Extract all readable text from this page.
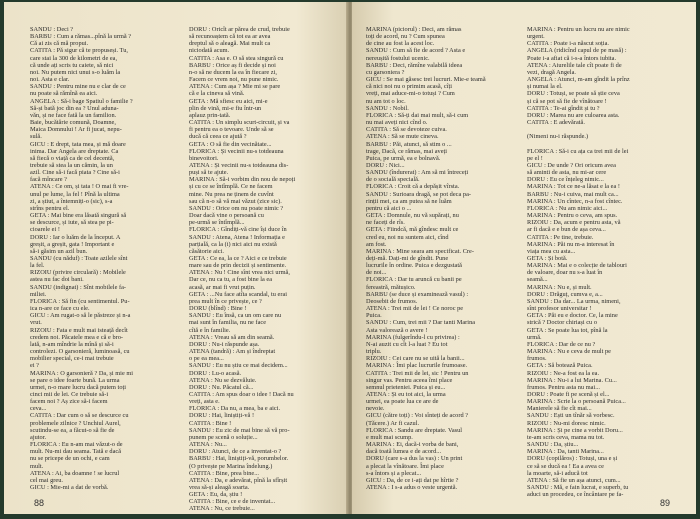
SANDU : Deci ?
BARBU : Cum a rămas...pînă la urmă ?
Că ai zis că mă propui.
CATITA : Pă sigur că te propuseși. Tu,
care stai la 300 de kilometri de ea,
că unde ați scris tu caiete, să nici
noi. Nu putem nici unui s-o luăm la
noi. Asta e clar.
SANDU : Pentru mine nu e clar de ce
nu poate să rămînă ea aici.
ANGELA : Să-i bage Spatiul o familie ?
Să-și bată joc din ea ? Unul aduna-
văn, și ne face fată la un familion.
Baie, bucătărie comună, Doamne,
Maica Domnului ! Ar fi jucat, nepu-
sulă.
GICU : E drept, tata mea, și mă doare
inima. Dar Angela are dreptate. Ca
să fiecă o viață ca de cel decentă,
trebuie să stea la un cămin, la un
azil. Cine să-i facă piata ? Cine să-i
facă mîncare ?
ATENA : Ce om, și tata ! O mai fi vre-
unul pe lume, la fel ! Pînă la ultima
zi, a știut, a întemniți-o (sic), s-a
strîns pentru el.
GETA : Mai bine era lăsată singură să
se descurce, și iute, să stea pe pi-
cioarele ei !
DORU : Iar o luăm de la început. A
greșit, a greșit, gata ! Important e
să-i găsim un azil bun.
SANDU (cu năduf) : Toate azilele sînt
la fel.
RIZOIU (privire circulară) : Mobilele
astea nu fac doi bani.
SANDU (indignat) : Sînt mobilele fa-
miliei.
FLORICA : Să fin (cu sentimentul. Pu-
ica n-are ce face cu ele.
GICU : Am rugat-o să le păstreze și n-a
vrut.
RIZOIU : Fata e mult mai isteață decît
credem noi. Păcatele mea e că e bro-
lată, n-am mîndrie la mînă și să-i
controlezi. O garsonieră, luminoasă, cu
mobilier special, ce-i mai trebuie
ei ?
MARINA : O garsonieră ? Da, și mie mi
se pare o idee foarte bună. La urma
urmei, n-o mare lucru dacă putem toți
cinci mii de lei. Ce trebuie să-i
facem noi ? Aș zice să-i facem
ceva...
CATITA : Dar cum o să se descurce cu
problemele zilnice ? Unchiul Aurel,
scutindu-se ea, a făcut-o să fie de
ajutor.
FLORICA : Eu n-am mai văzut-o de
mult. Nu-mi dau seama. Tată e dacă
nu se pricepe de un ochi, e cam
mult.
ATENA : Ai, ba doamne ! se lucrul
cel mai greu.
GICU : Mie-mi a dat de vorbă.
DORU : Oricît ar părea de crud, trebuie
să recunoaștem că tot ea ar avea
dreptul să o aleagă. Mai mult ca
niciodată acum.
CATITA : Asa e. O să stea singură cu
BARBU : Orice aș fi decide și noi
n-o să ne ducem la ea în fiecare zi,
Facem ce vrem noi, nu pune nimic.
ATENA : Cum așa ? Mie mi se pare
că e la cineva să vină.
GETA : Mă sfiesc eu aici, mi-e
plin de vină, mi-e fiu într-un
aplauz prin-tată.
CATITA : Un simplu scurt-circuit, și va
fi pentru ea o tevoare. Unde să se
ducă că ceea ce ajută ?
GETA : O să fie din vecinătate...
FLORICA : Și vecinii nu-s totdeauna
binevoitori.
ATENA : Și vecinii nu-s totdeauna dis-
puși să te ajute.
MARINA : Să-i vorbim din nou de nepoți
și cu ce se întîmplă. Ce ne facem
mine. Nu prea ne ținem de cuvînt
sau că n-o să vă mai văzut (zice sic).
SANDU : Orice om nu poate nimic ?
Doar dacă vine o persoană cu
pe-urmă se întîmplă...
FLORICA : Gîndiți-vă cine își duce în
SANDU : Atena, Atena ! Informația e
parțială, ca la (i) nici aici nu există
căsătorie aici.
GETA : Ce ea, la ce ? Aici e ce trebuie
mare sau de prin decizii și sentimente.
ATENA : Nu ! Cine sînt vrea nici urmă,
Dar ce, nu ca tu, a fost bine la ea
acasă, ar mai fi vrut puțin.
GETA : ...Nu face atîta scandal, tu erai
prea mult în ce privește, ce ?
DORU (blînd) : Bine !
SANDU : Eu însă, ca un om care nu
mai sunt în familia, nu ne face
cîtă e în familie.
ATENA : Vreau să am din seamă.
DORU : Nu-i răspunde așa.
ATENA (tandră) : Am și îndreptat
o pe ea mea...
SANDU : Eu nu știu ce mai decidem...
DORU : Lu-o acasă.
ATENA : Nu se dezvăluie.
DORU : Nu. Păcatul că...
CATITA : Am spus doar o idee ! Dacă nu
vreți, asta e.
FLORICA : Da nu, a mea, ba e aici.
DORU : Hai, liniștiți-vă !
CATITA : Bine !
SANDU : Eu zic de mai bine să vă pro-
punem pe scenă o soluție...
ATENA : Nu...
DORU : Atunci, de ce a inventat-o ?
BARBU : Hai, liniștiți-vă, porumbelor.
(O privește pe Marina îndelung.)
CATITA : Bine, prea bine...
ATENA : Da, e adevărat, pînă la sfîrșit
vrea să-și aleagă soarta.
GETA : Eu, da, știu !
CATITA : Bine, ce e de inventat...
ATENA : Nu, ce trebuie...
88
MARINA (piciorul) : Deci, am rămas
toți de acord, nu ? Cum spunea
de cine au fost la acest loc.
SANDU : Cum să fie de acord ? Asta e
nereușită fostului ucenic.
BARBU : Deci, rămîne valabilă ideea
cu garsoniera ?
GICU : Se mai găsesc trei lucruri. Mie-e teamă
că nici noi nu o primim acasă, cîți
vreți, mai aduce-mi-o totuși ? Cum
nu am tot o loc.
SANDU : Nobil.
FLORICA : Să-ți dai mai mult, să-i cum
nu mai aveți nici cînd o.
CATITA : Să se devoteze cuiva.
ATENA : Să se mute cineva.
BARBU : Păi, atunci, să stim o ...
trage, Dacă, ce rămas, mai aveți
Puica, pe urmă, ea e bolnavă.
DORU : Nici...
SANDU (îndurerat) : Am să mi întreceți
de o socială specială.
FLORICA : Croit că a depășit vîrsta.
SANDU : Surioara dragă, se pot deca pa-
rinții mei, ca am putea să ne luăm
pentru că aici o ...
GETA : Domnule, nu vă supărați, nu
ne faceți de rîs.
GETA : Fiindcă, mă gîndesc mult ce
cred eu, noi nu suntem aici, cînd
am fost.
MARINA : Mine seara am specificat. Cre-
deți-mă. Dați-mi de gîndit. Pune
lucrurile în ordine. Puica e dezgustată
de noi...
FLORICA : Dar tu aruncă cu banii pe
fereastră, mătușico.
BARBU (se duce și examinează vasul) :
Deosebit de frumos.
ATENA : Trei mii de lei ! Ce noroc pe
Puica.
SANDU : Cum, trei mii ? Dar tanti Marina
Asta valorează o avere !
MARINA (fulgerîndu-l cu privirea) :
N-ai auzit cu cît l-a luat ? Eu tot
triplu.
RIZOIU : Cei care nu se uită la banii...
MARINA : Îmi plac lucrurile frumoase.
CATITA : Trei mii de lei, sic ! Pentru un
singur vas. Pentru aceea îmi place
semnul prieteniei. Puica și eu...
ATENA : Și eu tot aici, la urma
urmei, ea poate lua ce are de
nevoie.
GICU (către toți) : Voi sînteți de acord ?
(Tăcere.) Ar fi cazul.
FLORICA : Sandu are dreptate. Vasul
e mult mai scump.
MARINA : Ei, dacă-i vorba de bani,
dacă toată lumea e de acord...
DORU (care s-a dus la vas) : Un print
a plecat la vînătoare. Îmi place
s-a întors și a plecat...
GICU : Da, de ce i-ați dat pe hîrtie ?
ATENA : I s-a adus o veste urgentă.
MARINA : Pentru un lucru nu are nimic
urgent.
CATITA : Poate i-a născut soția.
ANGELA (ridicînd capul de pe masă) :
Poate i-a afiat că i-s-a întors iubita.
ATENA : Aiurelile tale cît poate fi de
vezi, dragă Angela.
ANGELA : Atunci, m-am gîndit la prînz
și numai la el.
DORU : Totuși, se poate să știe ceva
și că se pot să fie de vînătoare !
CATITA : Te-ai gîndit și tu ?
DORU : Marea nu are culoarea asta.
CATITA : E adevărată.

(Nimeni nu-i răspunde.)

FLORICA : Să-i cu ața ca trei mii de lei
pe el !
GICU : De unde ? Ori oricum avea
să aminti de asta, nu mi-ar cere
DORU : Eu ce înțeleg nimic...
MARINA : Tot ce ne-a lăsat e la ea !
BARBU : Nu-i cuiva, mai mult ca...
MARINA : Un cîntec, n-a fost cîntec.
FLORICA : Nu am nimic aici...
MARINA : Pentru o ceva, am spus.
RIZOIU : Da, acum e pentru asta, vă
ar fi dacă e e bun de așa ceva...
CATITA : Pe tine, trebuie.
MARINA : Păi nu m-a interesat în
viața mea cu asta...
GETA : Și botă.
MARINA : Mai e o colecție de tablouri
de valoare, doar nu s-a luat în
seamă...
MARINA : Nu e, și mult.
DORU : Drăguț, cumva e, a...
SANDU : Da dar... La urma, nimeni,
sînt profesor universitar !
GETA : Păi eu e doctor. Ce, la mine
strică ? Doctor chiriași cu o
GETA : Se poate lua tot, pînă la
urmă.
FLORICA : Dar de ce nu ?
MARINA : Nu e ceva de mult pe
frumos.
GETA : Să botează Puica.
RIZOIU : Ne-a fost ea la ea.
MARINA : Nu-i a lui Marina. Cu...
frumos. Pentru asta nu mai...
DORU : Poate fi pe scenă și el...
MARINA : Scrie la o persoană Puica...
Manierele să fie cît mai...
SANDU : Ești un tînăr să vorbesc.
RIZOIU : Nu-mi doresc nimic.
MARINA : Și pe cine a vorbit Doru...
te-am scris ceva, mama nu tot.
SANDU : Da, știu...
MARINA : Da, tanti Marina...
DORU (copilăros) : Totuși, una e și
ce să se ducă ea ! Ea a avea ce
la moarte, să-i aducă tot
ATENA : Să fie un așa atunci, cum...
SANDU : Mă, e fain lucrat, e superb, tu
aduci un procedeu, ce încântare pe fa-
89
